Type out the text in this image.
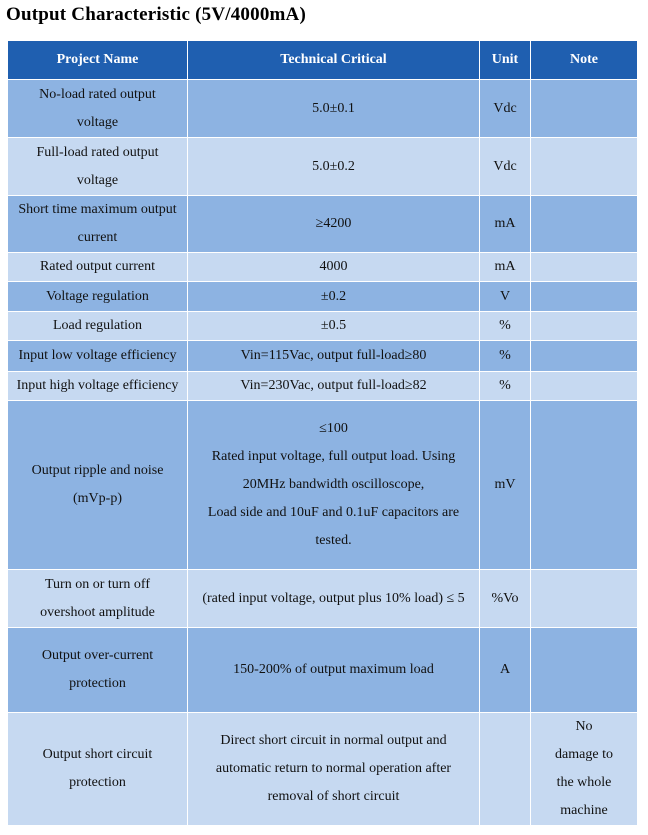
Output Characteristic (5V/4000mA)
Project Name	Technical Critical	Unit	Note

No-load rated output
voltage	5.0±0.1	Vdc	

Full-load rated output
voltage	5.0±0.2	Vdc	

Short time maximum output
current	≥4200	mA	

Rated output current	4000	mA	

Voltage regulation	±0.2	V	

Load regulation	±0.5	%	

Input low voltage efficiency	Vin=115Vac, output full-load≥80	%	

Input high voltage efficiency	Vin=230Vac, output full-load≥82	%	

Output ripple and noise
(mVp-p)	≤100
Rated input voltage, full output load. Using
20MHz bandwidth oscilloscope,
Load side and 10uF and 0.1uF capacitors are
tested.	mV	

Turn on or turn off
overshoot amplitude	(rated input voltage, output plus 10% load) ≤ 5	%Vo	

Output over-current
protection	150-200% of output maximum load	A	

Output short circuit
protection	Direct short circuit in normal output and
automatic return to normal operation after
removal of short circuit		No
damage to
the whole
machine
